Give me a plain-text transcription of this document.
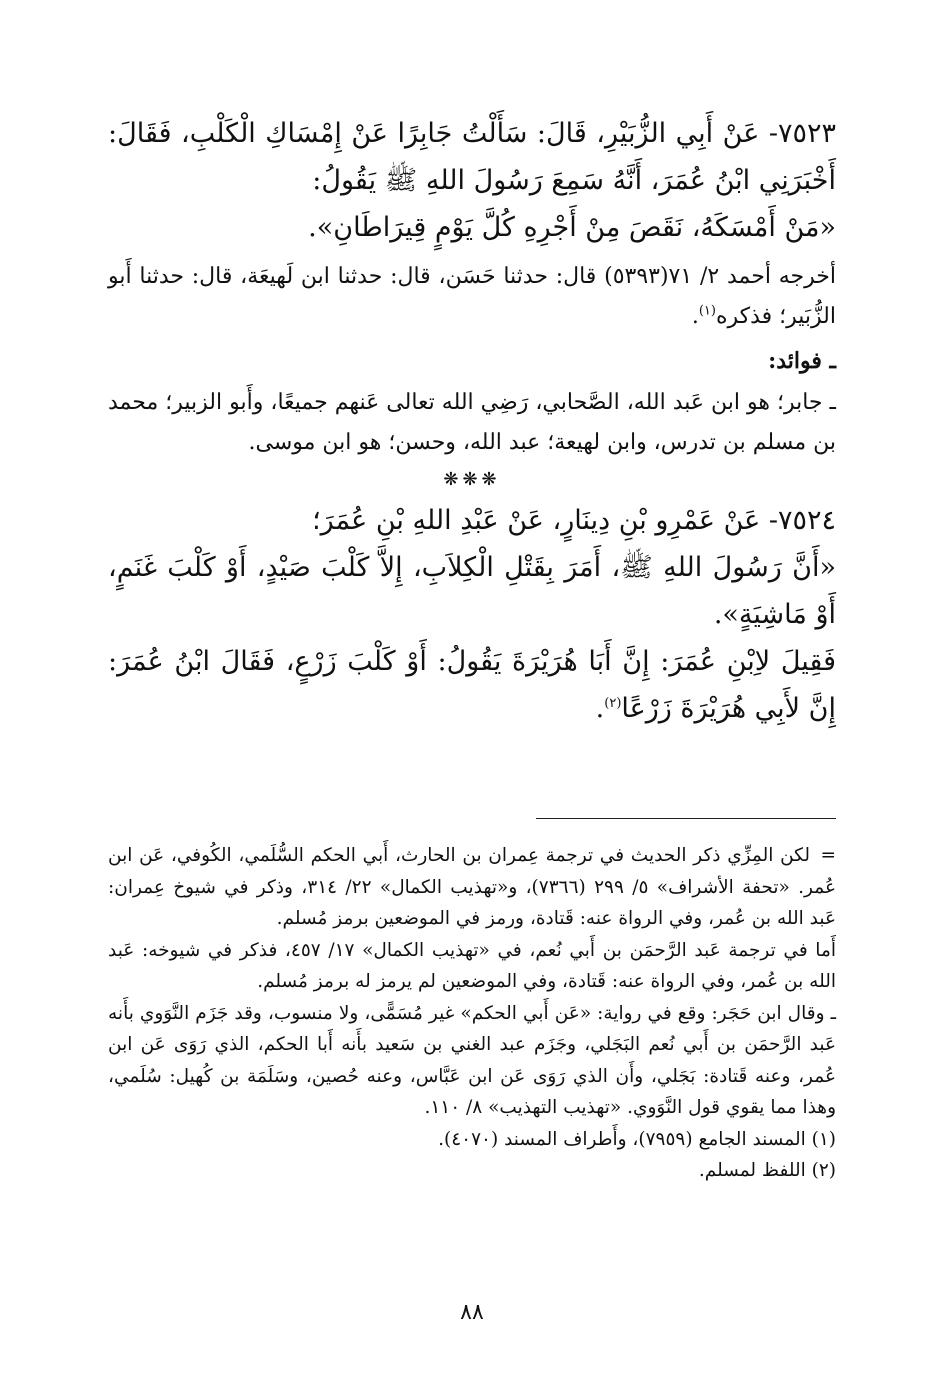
٧٥٢٣- عَنْ أَبِي الزُّبَيْرِ، قَالَ: سَأَلْتُ جَابِرًا عَنْ إِمْسَاكِ الْكَلْبِ، فَقَالَ: أَخْبَرَنِي ابْنُ عُمَرَ، أَنَّهُ سَمِعَ رَسُولَ اللهِ ﷺ يَقُولُ:

«مَنْ أَمْسَكَهُ، نَقَصَ مِنْ أَجْرِهِ كُلَّ يَوْمٍ قِيرَاطَانِ».

أخرجه أحمد ٢/ ٧١(٥٣٩٣) قال: حدثنا حَسَن، قال: حدثنا ابن لَهيعَة، قال: حدثنا أَبو الزُّبَير؛ فذكره$^{(١)}$.

ـ فوائد:

ـ جابر؛ هو ابن عَبد الله، الصَّحابي، رَضِي الله تعالى عَنهم جميعًا، وأَبو الزبير؛ محمد بن مسلم بن تدرس، وابن لهيعة؛ عبد الله، وحسن؛ هو ابن موسى.

❋❋❋

٧٥٢٤- عَنْ عَمْرِو بْنِ دِينَارٍ، عَنْ عَبْدِ اللهِ بْنِ عُمَرَ؛

«أَنَّ رَسُولَ اللهِ ﷺ، أَمَرَ بِقَتْلِ الْكِلاَبِ، إِلاَّ كَلْبَ صَيْدٍ، أَوْ كَلْبَ غَنَمٍ، أَوْ مَاشِيَةٍ».

فَقِيلَ لاِبْنِ عُمَرَ: إِنَّ أَبَا هُرَيْرَةَ يَقُولُ: أَوْ كَلْبَ زَرْعٍ، فَقَالَ ابْنُ عُمَرَ: إِنَّ لأَبِي هُرَيْرَةَ زَرْعًا$^{(٢)}$.

=لكن المِزِّي ذكر الحديث في ترجمة عِمران بن الحارث، أَبي الحكم السُّلَمي، الكُوفي، عَن ابن عُمر. «تحفة الأشراف» ٥/ ٢٩٩ (٧٣٦٦)، و«تهذيب الكمال» ٢٢/ ٣١٤، وذكر في شيوخ عِمران: عَبد الله بن عُمر، وفي الرواة عنه: قَتادة، ورمز في الموضعين برمز مُسلم.

أَما في ترجمة عَبد الرَّحمَن بن أَبي نُعم، في «تهذيب الكمال» ١٧/ ٤٥٧، فذكر في شيوخه: عَبد الله بن عُمر، وفي الرواة عنه: قَتادة، وفي الموضعين لم يرمز له برمز مُسلم.

ـ وقال ابن حَجَر: وقع في رواية: «عَن أَبي الحكم» غير مُسَمًّى، ولا منسوب، وقد جَزَم النَّوَوي بأَنه عَبد الرَّحمَن بن أَبي نُعم البَجَلي، وجَزَم عبد الغني بن سَعيد بأَنه أَبا الحكم، الذي رَوَى عَن ابن عُمر، وعنه قَتادة: بَجَلي، وأَن الذي رَوَى عَن ابن عَبَّاس، وعنه حُصين، وسَلَمَة بن كُهيل: سُلَمي، وهذا مما يقوي قول النَّوَوي. «تهذيب التهذيب» ٨/ ١١٠.

(١) المسند الجامع (٧٩٥٩)، وأَطراف المسند (٤٠٧٠).

(٢) اللفظ لمسلم.

٨٨
